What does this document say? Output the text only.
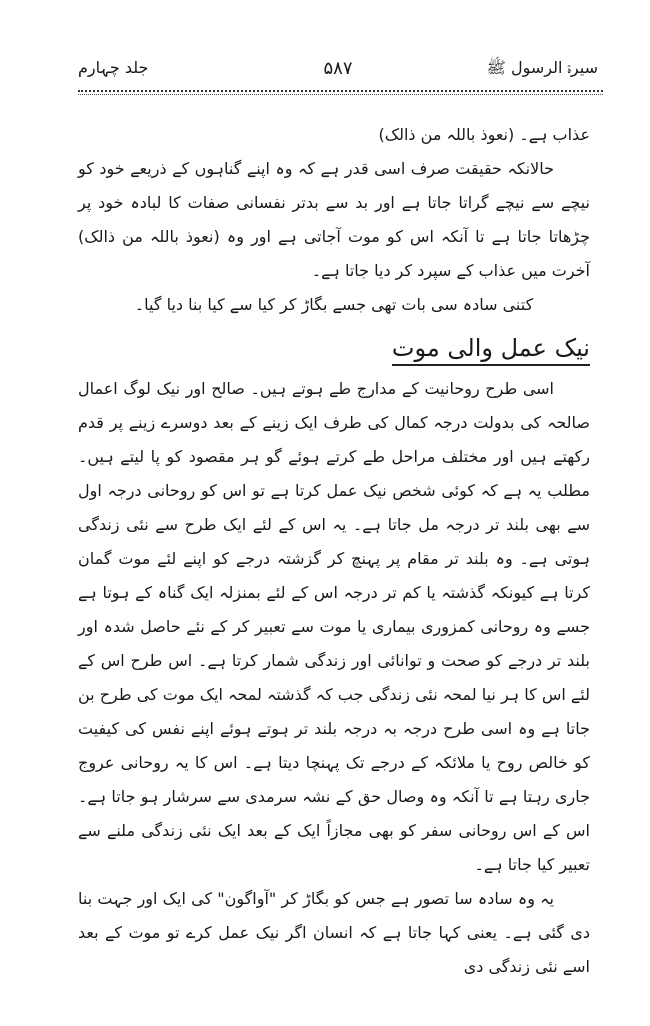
سیرۃ الرسول ﷺ
۵۸۷
جلد چہارم

عذاب ہے۔ (نعوذ باللہ من ذالک)

حالانکہ حقیقت صرف اسی قدر ہے کہ وہ اپنے گناہوں کے ذریعے خود کو نیچے سے نیچے گراتا جاتا ہے اور بد سے بدتر نفسانی صفات کا لبادہ خود پر چڑھاتا جاتا ہے تا آنکہ اس کو موت آجاتی ہے اور وہ (نعوذ باللہ من ذالک) آخرت میں عذاب کے سپرد کر دیا جاتا ہے۔

کتنی سادہ سی بات تھی جسے بگاڑ کر کیا سے کیا بنا دیا گیا۔

نیک عمل والی موت

اسی طرح روحانیت کے مدارج طے ہوتے ہیں۔ صالح اور نیک لوگ اعمال صالحہ کی بدولت درجہ کمال کی طرف ایک زینے کے بعد دوسرے زینے پر قدم رکھتے ہیں اور مختلف مراحل طے کرتے ہوئے گو ہر مقصود کو پا لیتے ہیں۔ مطلب یہ ہے کہ کوئی شخص نیک عمل کرتا ہے تو اس کو روحانی درجہ اول سے بھی بلند تر درجہ مل جاتا ہے۔ یہ اس کے لئے ایک طرح سے نئی زندگی ہوتی ہے۔ وہ بلند تر مقام پر پہنچ کر گزشتہ درجے کو اپنے لئے موت گمان کرتا ہے کیونکہ گذشتہ یا کم تر درجہ اس کے لئے بمنزلہ ایک گناہ کے ہوتا ہے جسے وہ روحانی کمزوری بیماری یا موت سے تعبیر کر کے نئے حاصل شدہ اور بلند تر درجے کو صحت و توانائی اور زندگی شمار کرتا ہے۔ اس طرح اس کے لئے اس کا ہر نیا لمحہ نئی زندگی جب کہ گذشتہ لمحہ ایک موت کی طرح بن جاتا ہے وہ اسی طرح درجہ بہ درجہ بلند تر ہوتے ہوئے اپنے نفس کی کیفیت کو خالص روح یا ملائکہ کے درجے تک پہنچا دیتا ہے۔ اس کا یہ روحانی عروج جاری رہتا ہے تا آنکہ وہ وصال حق کے نشہ سرمدی سے سرشار ہو جاتا ہے۔ اس کے اس روحانی سفر کو بھی مجازاً ایک کے بعد ایک نئی زندگی ملنے سے تعبیر کیا جاتا ہے۔

یہ وہ سادہ سا تصور ہے جس کو بگاڑ کر "آواگون" کی ایک اور جہت بنا دی گئی ہے۔ یعنی کہا جاتا ہے کہ انسان اگر نیک عمل کرے تو موت کے بعد اسے نئی زندگی دی
